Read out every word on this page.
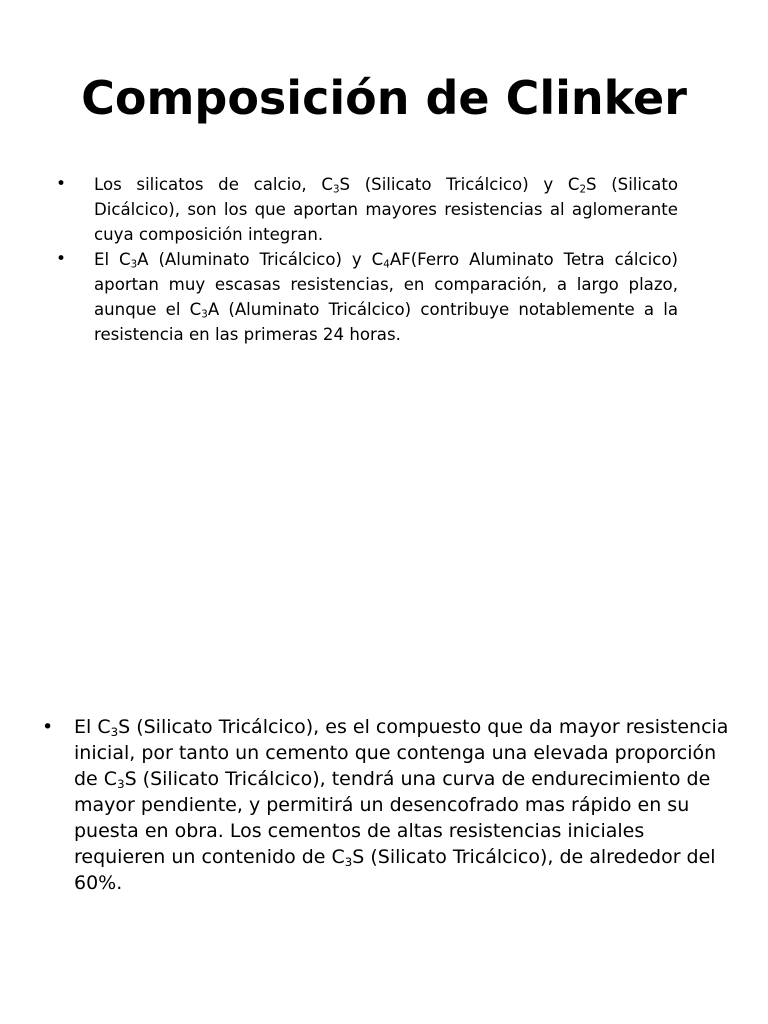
Composición de Clinker
•	Los silicatos de calcio, $C_3S$ (Silicato Tricálcico) y $C_2S$ (Silicato Dicálcico), son los que aportan mayores resistencias al aglomerante cuya composición integran.
•	El $C_3A$ (Aluminato Tricálcico) y $C_4AF(Ferro$ Aluminato Tetra cálcico) aportan muy escasas resistencias, en comparación, a largo plazo, aunque el $C_3A$ (Aluminato Tricálcico) contribuye notablemente a la resistencia en las primeras 24 horas.
•	El $C_3S$ (Silicato Tricálcico), es el compuesto que da mayor resistencia inicial, por tanto un cemento que contenga una elevada proporción de $C_3S$ (Silicato Tricálcico), tendrá una curva de endurecimiento de mayor pendiente, y permitirá un desencofrado mas rápido en su puesta en obra. Los cementos de altas resistencias iniciales requieren un contenido de $C_3S$ (Silicato Tricálcico), de alrededor del 60%.
